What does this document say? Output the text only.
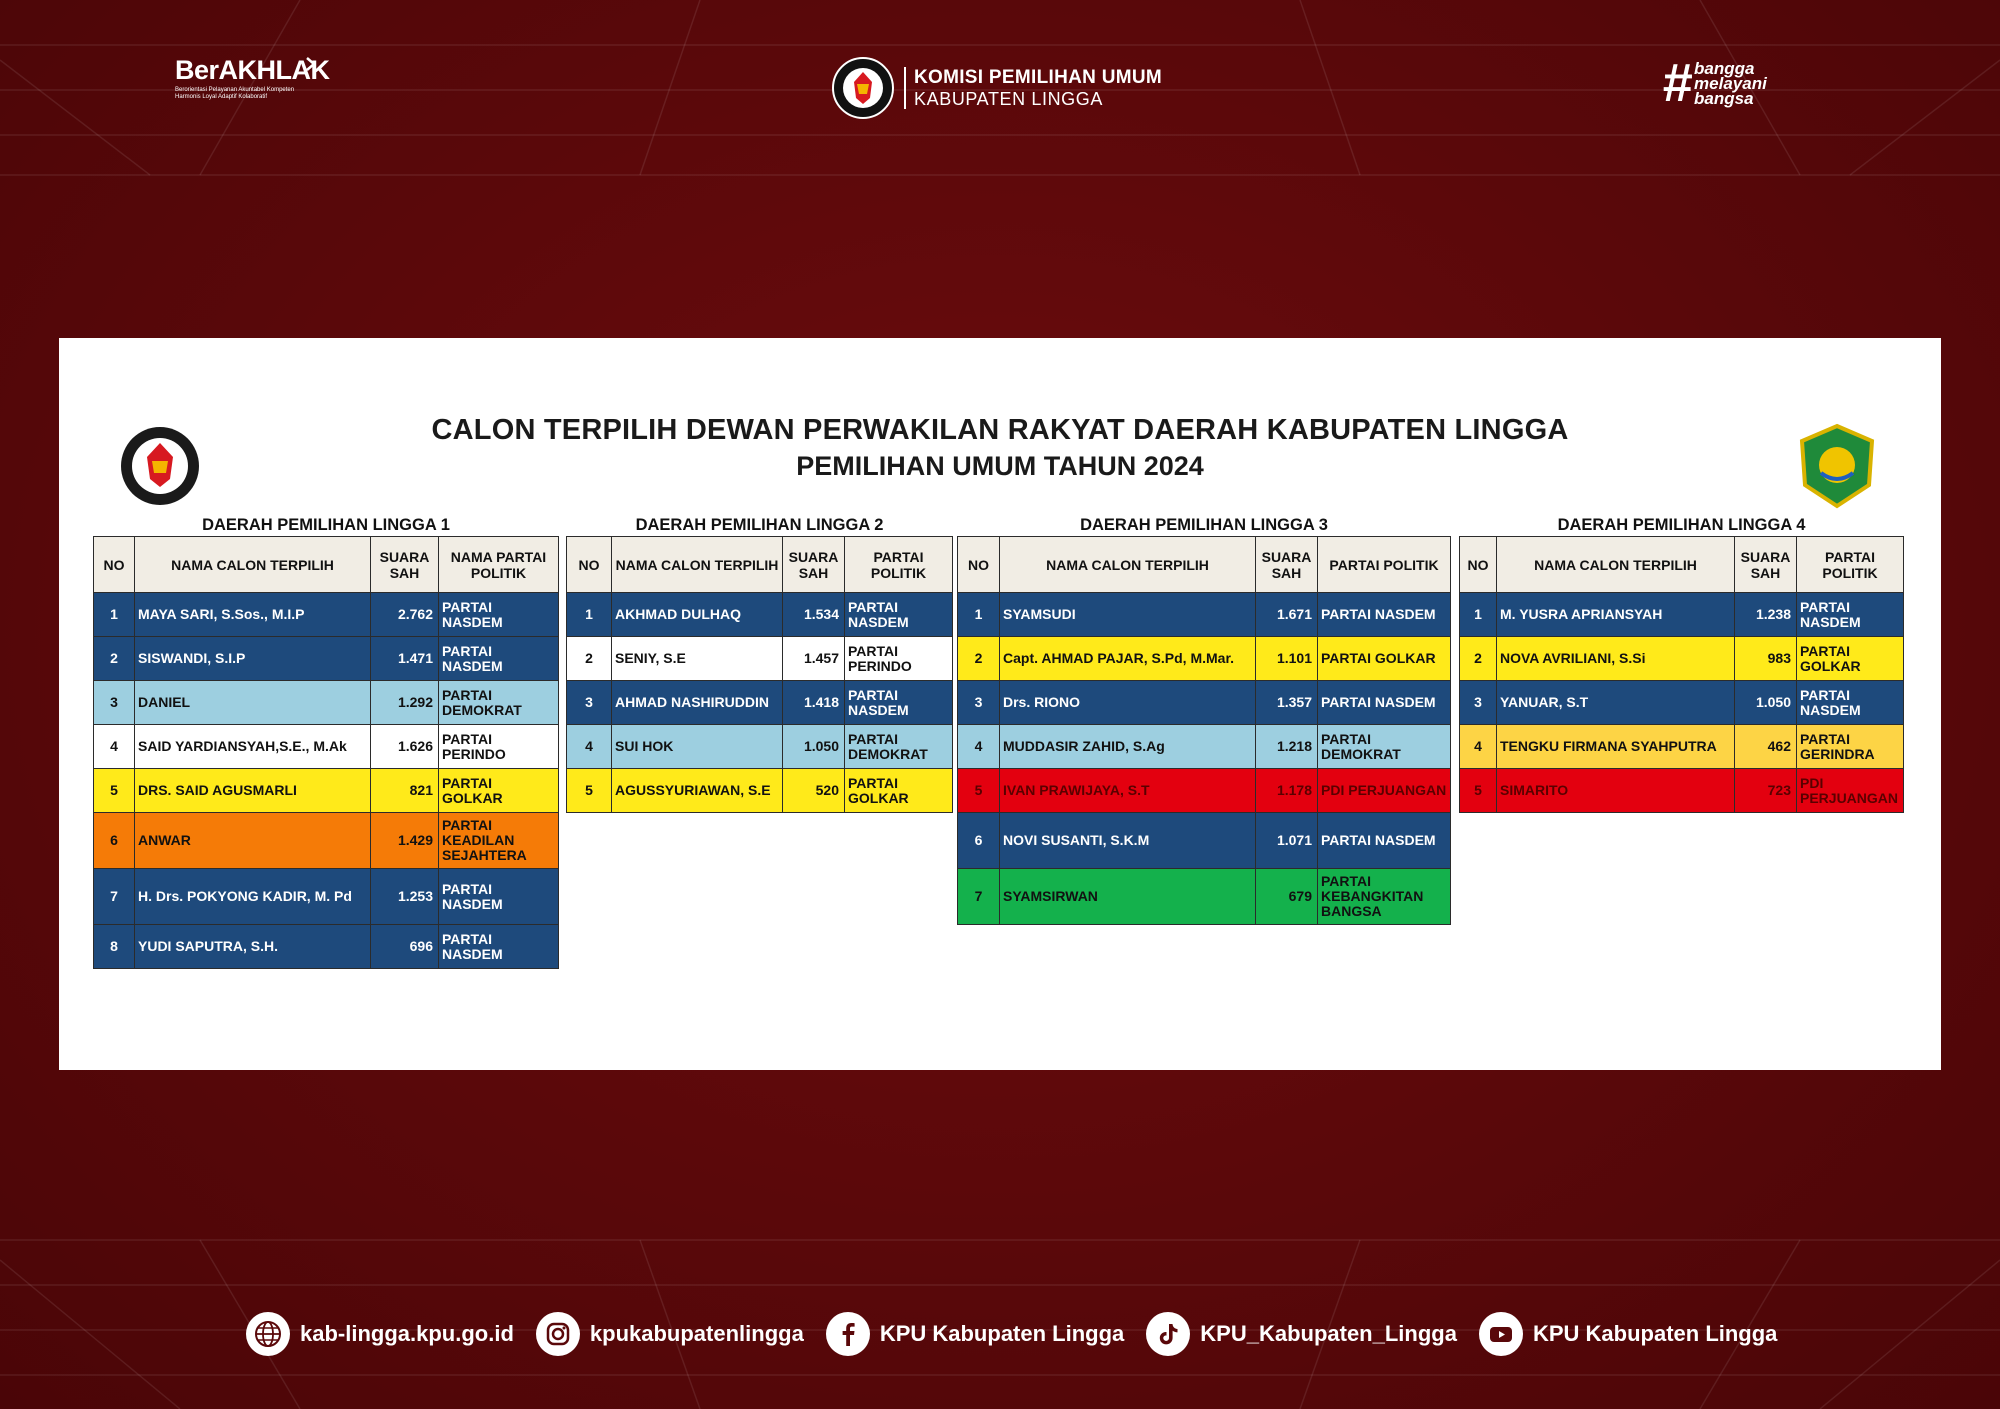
BerAKHLAK
Berorientasi Pelayanan Akuntabel Kompeten Harmonis Loyal Adaptif Kolaboratif
KOMISI PEMILIHAN UMUM
KABUPATEN LINGGA	# bangga
melayani
bangsa
CALON TERPILIH DEWAN PERWAKILAN RAKYAT DAERAH KABUPATEN LINGGA
PEMILIHAN UMUM TAHUN 2024
DAERAH PEMILIHAN LINGGA 1
NO	NAMA CALON TERPILIH	SUARA SAH	NAMA PARTAI POLITIK
1	MAYA SARI, S.Sos., M.I.P	2.762	PARTAI NASDEM
2	SISWANDI, S.I.P	1.471	PARTAI NASDEM
3	DANIEL	1.292	PARTAI DEMOKRAT
4	SAID YARDIANSYAH,S.E., M.Ak	1.626	PARTAI PERINDO
5	DRS. SAID AGUSMARLI	821	PARTAI GOLKAR
6	ANWAR	1.429	PARTAI KEADILAN SEJAHTERA
7	H. Drs. POKYONG KADIR, M. Pd	1.253	PARTAI NASDEM
8	YUDI SAPUTRA, S.H.	696	PARTAI NASDEM
DAERAH PEMILIHAN LINGGA 2
NO	NAMA CALON TERPILIH	SUARA SAH	PARTAI POLITIK
1	AKHMAD DULHAQ	1.534	PARTAI NASDEM
2	SENIY, S.E	1.457	PARTAI PERINDO
3	AHMAD NASHIRUDDIN	1.418	PARTAI NASDEM
4	SUI HOK	1.050	PARTAI DEMOKRAT
5	AGUSSYURIAWAN, S.E	520	PARTAI GOLKAR
DAERAH PEMILIHAN LINGGA 3
NO	NAMA CALON TERPILIH	SUARA SAH	PARTAI POLITIK
1	SYAMSUDI	1.671	PARTAI NASDEM
2	Capt. AHMAD PAJAR, S.Pd, M.Mar.	1.101	PARTAI GOLKAR
3	Drs. RIONO	1.357	PARTAI NASDEM
4	MUDDASIR ZAHID, S.Ag	1.218	PARTAI DEMOKRAT
5	IVAN PRAWIJAYA, S.T	1.178	PDI PERJUANGAN
6	NOVI SUSANTI, S.K.M	1.071	PARTAI NASDEM
7	SYAMSIRWAN	679	PARTAI KEBANGKITAN BANGSA
DAERAH PEMILIHAN LINGGA 4
NO	NAMA CALON TERPILIH	SUARA SAH	PARTAI POLITIK
1	M. YUSRA APRIANSYAH	1.238	PARTAI NASDEM
2	NOVA AVRILIANI, S.Si	983	PARTAI GOLKAR
3	YANUAR, S.T	1.050	PARTAI NASDEM
4	TENGKU FIRMANA SYAHPUTRA	462	PARTAI GERINDRA
5	SIMARITO	723	PDI PERJUANGAN
kab-lingga.kpu.go.id	kpukabupatenlingga	KPU Kabupaten Lingga	KPU_Kabupaten_Lingga	KPU Kabupaten Lingga
